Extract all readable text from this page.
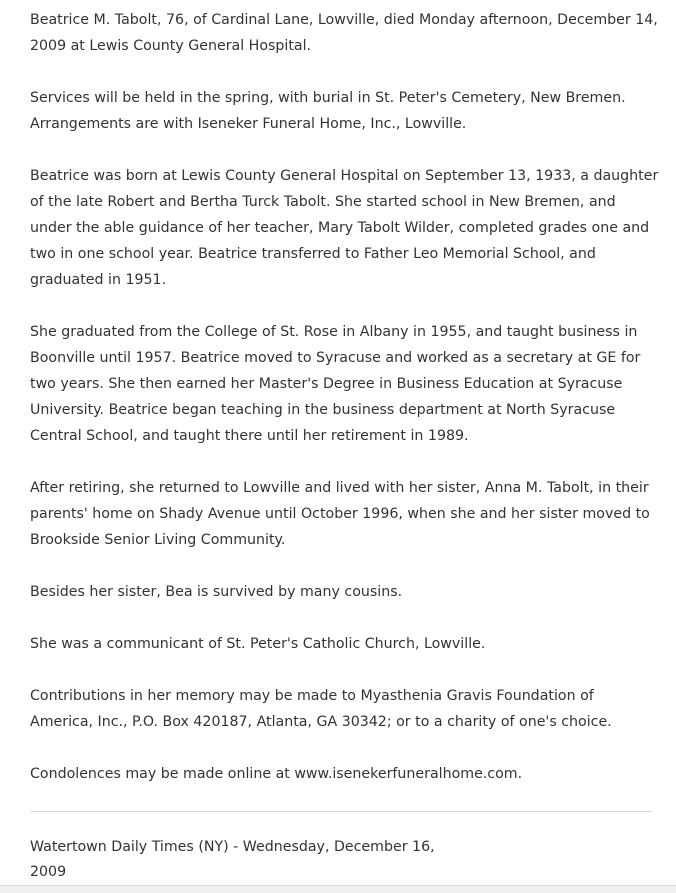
Beatrice M. Tabolt, 76, of Cardinal Lane, Lowville, died Monday afternoon, December 14, 2009 at Lewis County General Hospital.

Services will be held in the spring, with burial in St. Peter's Cemetery, New Bremen. Arrangements are with Iseneker Funeral Home, Inc., Lowville.

Beatrice was born at Lewis County General Hospital on September 13, 1933, a daughter of the late Robert and Bertha Turck Tabolt. She started school in New Bremen, and under the able guidance of her teacher, Mary Tabolt Wilder, completed grades one and two in one school year. Beatrice transferred to Father Leo Memorial School, and graduated in 1951.

She graduated from the College of St. Rose in Albany in 1955, and taught business in Boonville until 1957. Beatrice moved to Syracuse and worked as a secretary at GE for two years. She then earned her Master's Degree in Business Education at Syracuse University. Beatrice began teaching in the business department at North Syracuse Central School, and taught there until her retirement in 1989.

After retiring, she returned to Lowville and lived with her sister, Anna M. Tabolt, in their parents' home on Shady Avenue until October 1996, when she and her sister moved to Brookside Senior Living Community.

Besides her sister, Bea is survived by many cousins.

She was a communicant of St. Peter's Catholic Church, Lowville.

Contributions in her memory may be made to Myasthenia Gravis Foundation of America, Inc., P.O. Box 420187, Atlanta, GA 30342; or to a charity of one's choice.

Condolences may be made online at www.isenekerfuneralhome.com.

Watertown Daily Times (NY) - Wednesday, December 16, 2009
